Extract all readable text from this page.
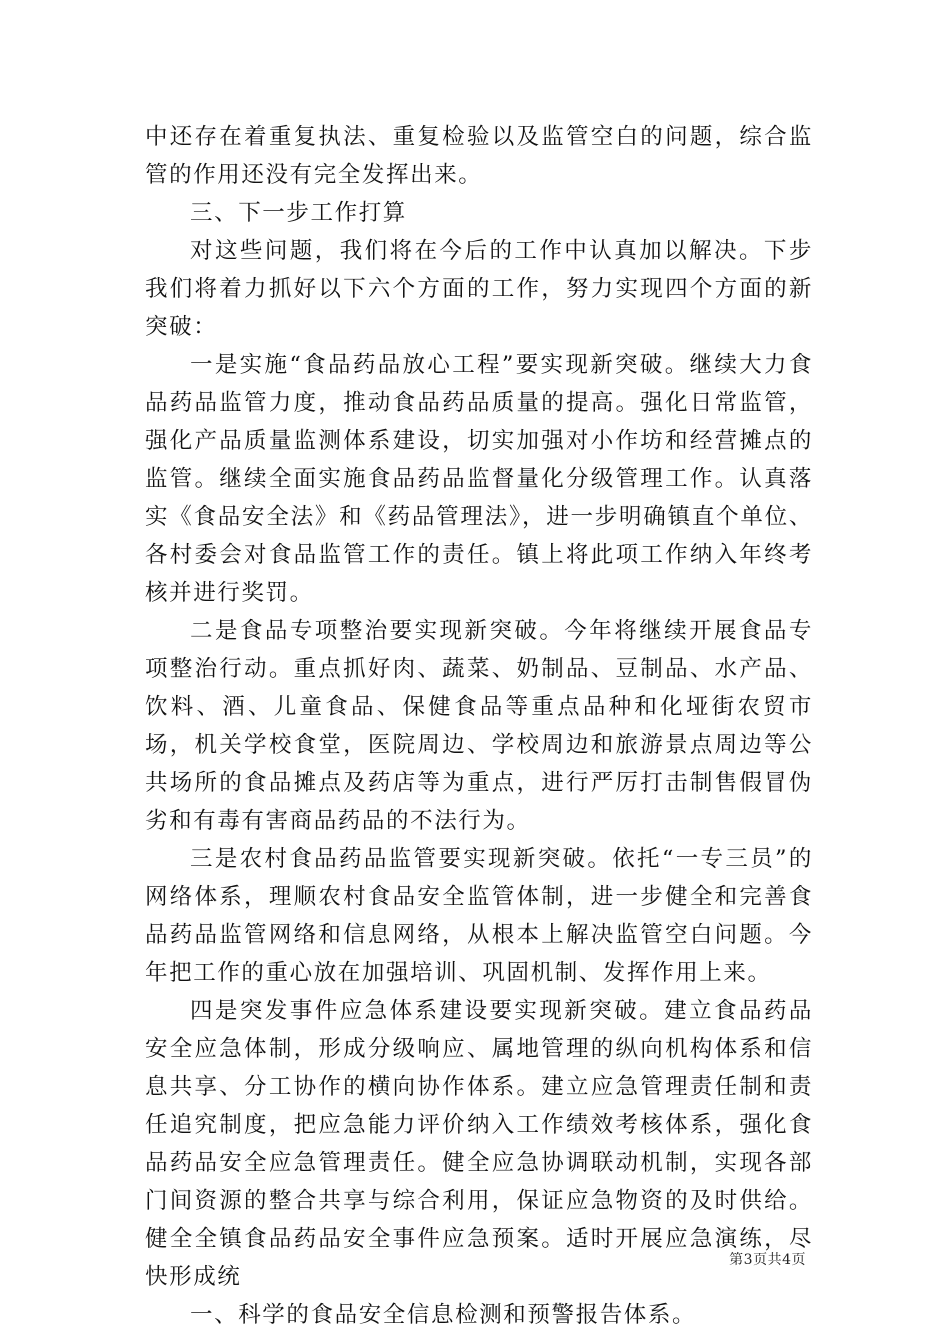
中还存在着重复执法、重复检验以及监管空白的问题，综合监管的作用还没有完全发挥出来。

三、下一步工作打算

对这些问题，我们将在今后的工作中认真加以解决。下步我们将着力抓好以下六个方面的工作，努力实现四个方面的新突破：

一是实施“食品药品放心工程”要实现新突破。继续大力食品药品监管力度，推动食品药品质量的提高。强化日常监管，强化产品质量监测体系建设，切实加强对小作坊和经营摊点的监管。继续全面实施食品药品监督量化分级管理工作。认真落实《食品安全法》和《药品管理法》，进一步明确镇直个单位、各村委会对食品监管工作的责任。镇上将此项工作纳入年终考核并进行奖罚。

二是食品专项整治要实现新突破。今年将继续开展食品专项整治行动。重点抓好肉、蔬菜、奶制品、豆制品、水产品、饮料、酒、儿童食品、保健食品等重点品种和化垭街农贸市场，机关学校食堂，医院周边、学校周边和旅游景点周边等公共场所的食品摊点及药店等为重点，进行严厉打击制售假冒伪劣和有毒有害商品药品的不法行为。

三是农村食品药品监管要实现新突破。依托“一专三员”的网络体系，理顺农村食品安全监管体制，进一步健全和完善食品药品监管网络和信息网络，从根本上解决监管空白问题。今年把工作的重心放在加强培训、巩固机制、发挥作用上来。

四是突发事件应急体系建设要实现新突破。建立食品药品安全应急体制，形成分级响应、属地管理的纵向机构体系和信息共享、分工协作的横向协作体系。建立应急管理责任制和责任追究制度，把应急能力评价纳入工作绩效考核体系，强化食品药品安全应急管理责任。健全应急协调联动机制，实现各部门间资源的整合共享与综合利用，保证应急物资的及时供给。健全全镇食品药品安全事件应急预案。适时开展应急演练，尽快形成统

一、科学的食品安全信息检测和预警报告体系。

第3页共4页
